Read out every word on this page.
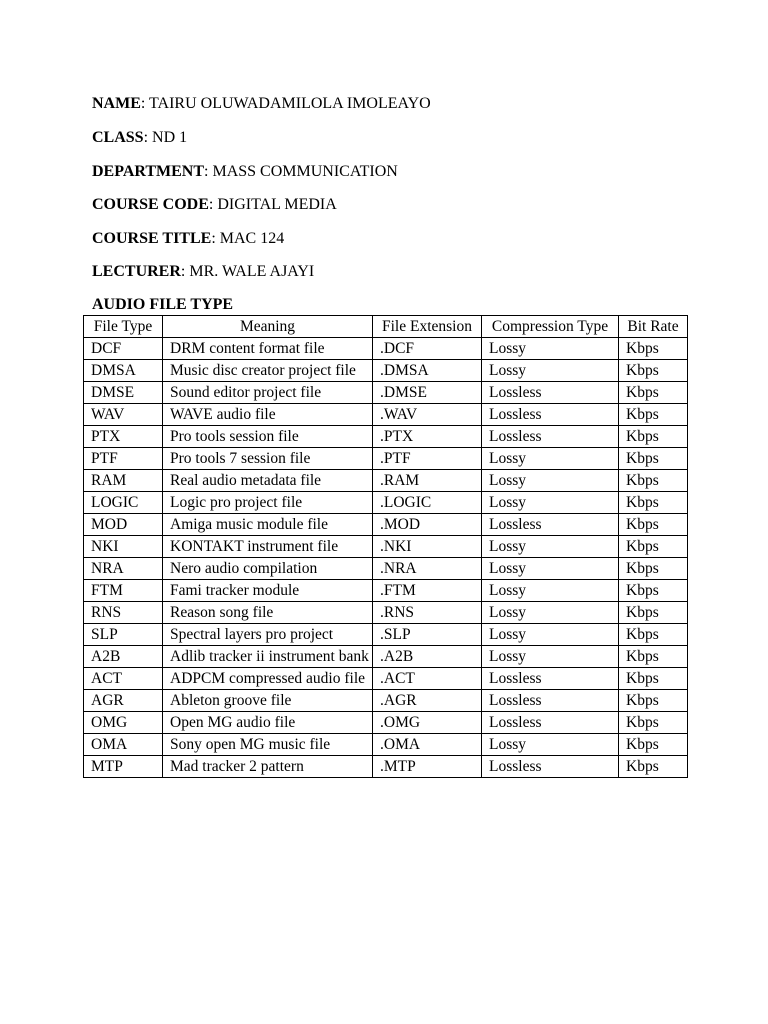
NAME: TAIRU OLUWADAMILOLA IMOLEAYO
CLASS: ND 1
DEPARTMENT: MASS COMMUNICATION
COURSE CODE: DIGITAL MEDIA
COURSE TITLE: MAC 124
LECTURER: MR. WALE AJAYI
AUDIO FILE TYPE
File Type	Meaning	File Extension	Compression Type	Bit Rate
DCF	DRM content format file	.DCF	Lossy	Kbps
DMSA	Music disc creator project file	.DMSA	Lossy	Kbps
DMSE	Sound editor project file	.DMSE	Lossless	Kbps
WAV	WAVE audio file	.WAV	Lossless	Kbps
PTX	Pro tools session file	.PTX	Lossless	Kbps
PTF	Pro tools 7 session file	.PTF	Lossy	Kbps
RAM	Real audio metadata file	.RAM	Lossy	Kbps
LOGIC	Logic pro project file	.LOGIC	Lossy	Kbps
MOD	Amiga music module file	.MOD	Lossless	Kbps
NKI	KONTAKT instrument file	.NKI	Lossy	Kbps
NRA	Nero audio compilation	.NRA	Lossy	Kbps
FTM	Fami tracker module	.FTM	Lossy	Kbps
RNS	Reason song file	.RNS	Lossy	Kbps
SLP	Spectral layers pro project	.SLP	Lossy	Kbps
A2B	Adlib tracker ii instrument bank	.A2B	Lossy	Kbps
ACT	ADPCM compressed audio file	.ACT	Lossless	Kbps
AGR	Ableton groove file	.AGR	Lossless	Kbps
OMG	Open MG audio file	.OMG	Lossless	Kbps
OMA	Sony open MG music file	.OMA	Lossy	Kbps
MTP	Mad tracker 2 pattern	.MTP	Lossless	Kbps
